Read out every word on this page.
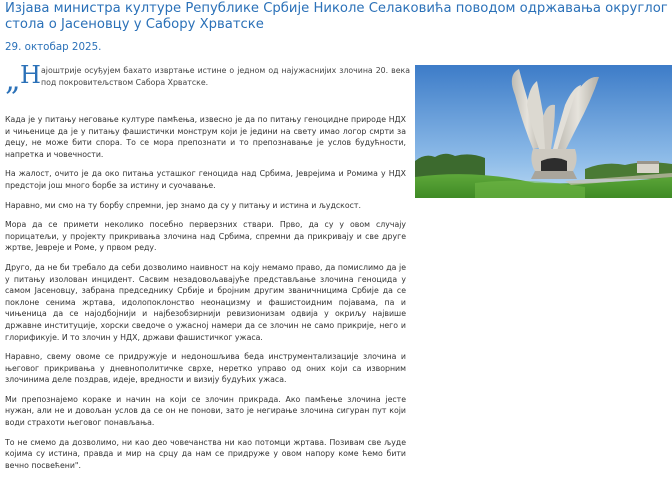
Изјава министра културе Републике Србије Николе Селаковића поводом одржавања округлог стола о Јасеновцу у Сабору Хрватске
29. октобар 2025.
„ Н ајоштрије осуђујем бахато извртање истине о једном од најужаснијих злочина 20. века под покровитељством Сабора Хрватске.

Када је у питању неговање културе памћења, извесно је да по питању геноцидне природе НДХ и чињенице да је у питању фашистички монструм који је једини на свету имао логор смрти за децу, не може бити спора. То се мора препознати и то препознавање је услов будућности, напретка и човечности.

На жалост, очито је да око питања усташког геноцида над Србима, Јеврејима и Ромима у НДХ предстоји још много борбе за истину и суочавање.

Наравно, ми смо на ту борбу спремни, јер знамо да су у питању и истина и људскост.

Мора да се примети неколико посебно перверзних ствари. Прво, да су у овом случају порицатељи, у пројекту прикривања злочина над Србима, спремни да прикривају и све друге жртве, Јевреје и Роме, у првом реду.

Друго, да не би требало да себи дозволимо наивност на коју немамо право, да помислимо да је у питању изолован инцидент. Сасвим незадовољавајуће представљање злочина геноцида у самом Јасеновцу, забрана председнику Србије и бројним другим званичницима Србије да се поклоне сенима жртава, идолопоклонство неонацизму и фашистоидним појавама, па и чињеница да се најодбојнији и најбезобзирнији ревизионизам одвија у окриљу највише државне институције, хорски сведоче о ужасној намери да се злочин не само прикрије, него и глорификује. И то злочин у НДХ, држави фашистичког ужаса.

Наравно, свему овоме се придружује и недоношљива беда инструментализације злочина и његовог прикривања у дневнополитичке сврхе, неретко управо од оних који са изворним злочинима деле поздрав, идеје, вредности и визију будућих ужаса.

Ми препознајемо кораке и начин на који се злочин прикрада. Ако памћење злочина јесте нужан, али не и довољан услов да се он не понови, зато је негирање злочина сигуран пут који води страхоти његовог понављања.

То не смемо да дозволимо, ни као део човечанства ни као потомци жртава. Позивам све људе којима су истина, правда и мир на срцу да нам се придруже у овом напору коме ћемо бити вечно посвећени".
